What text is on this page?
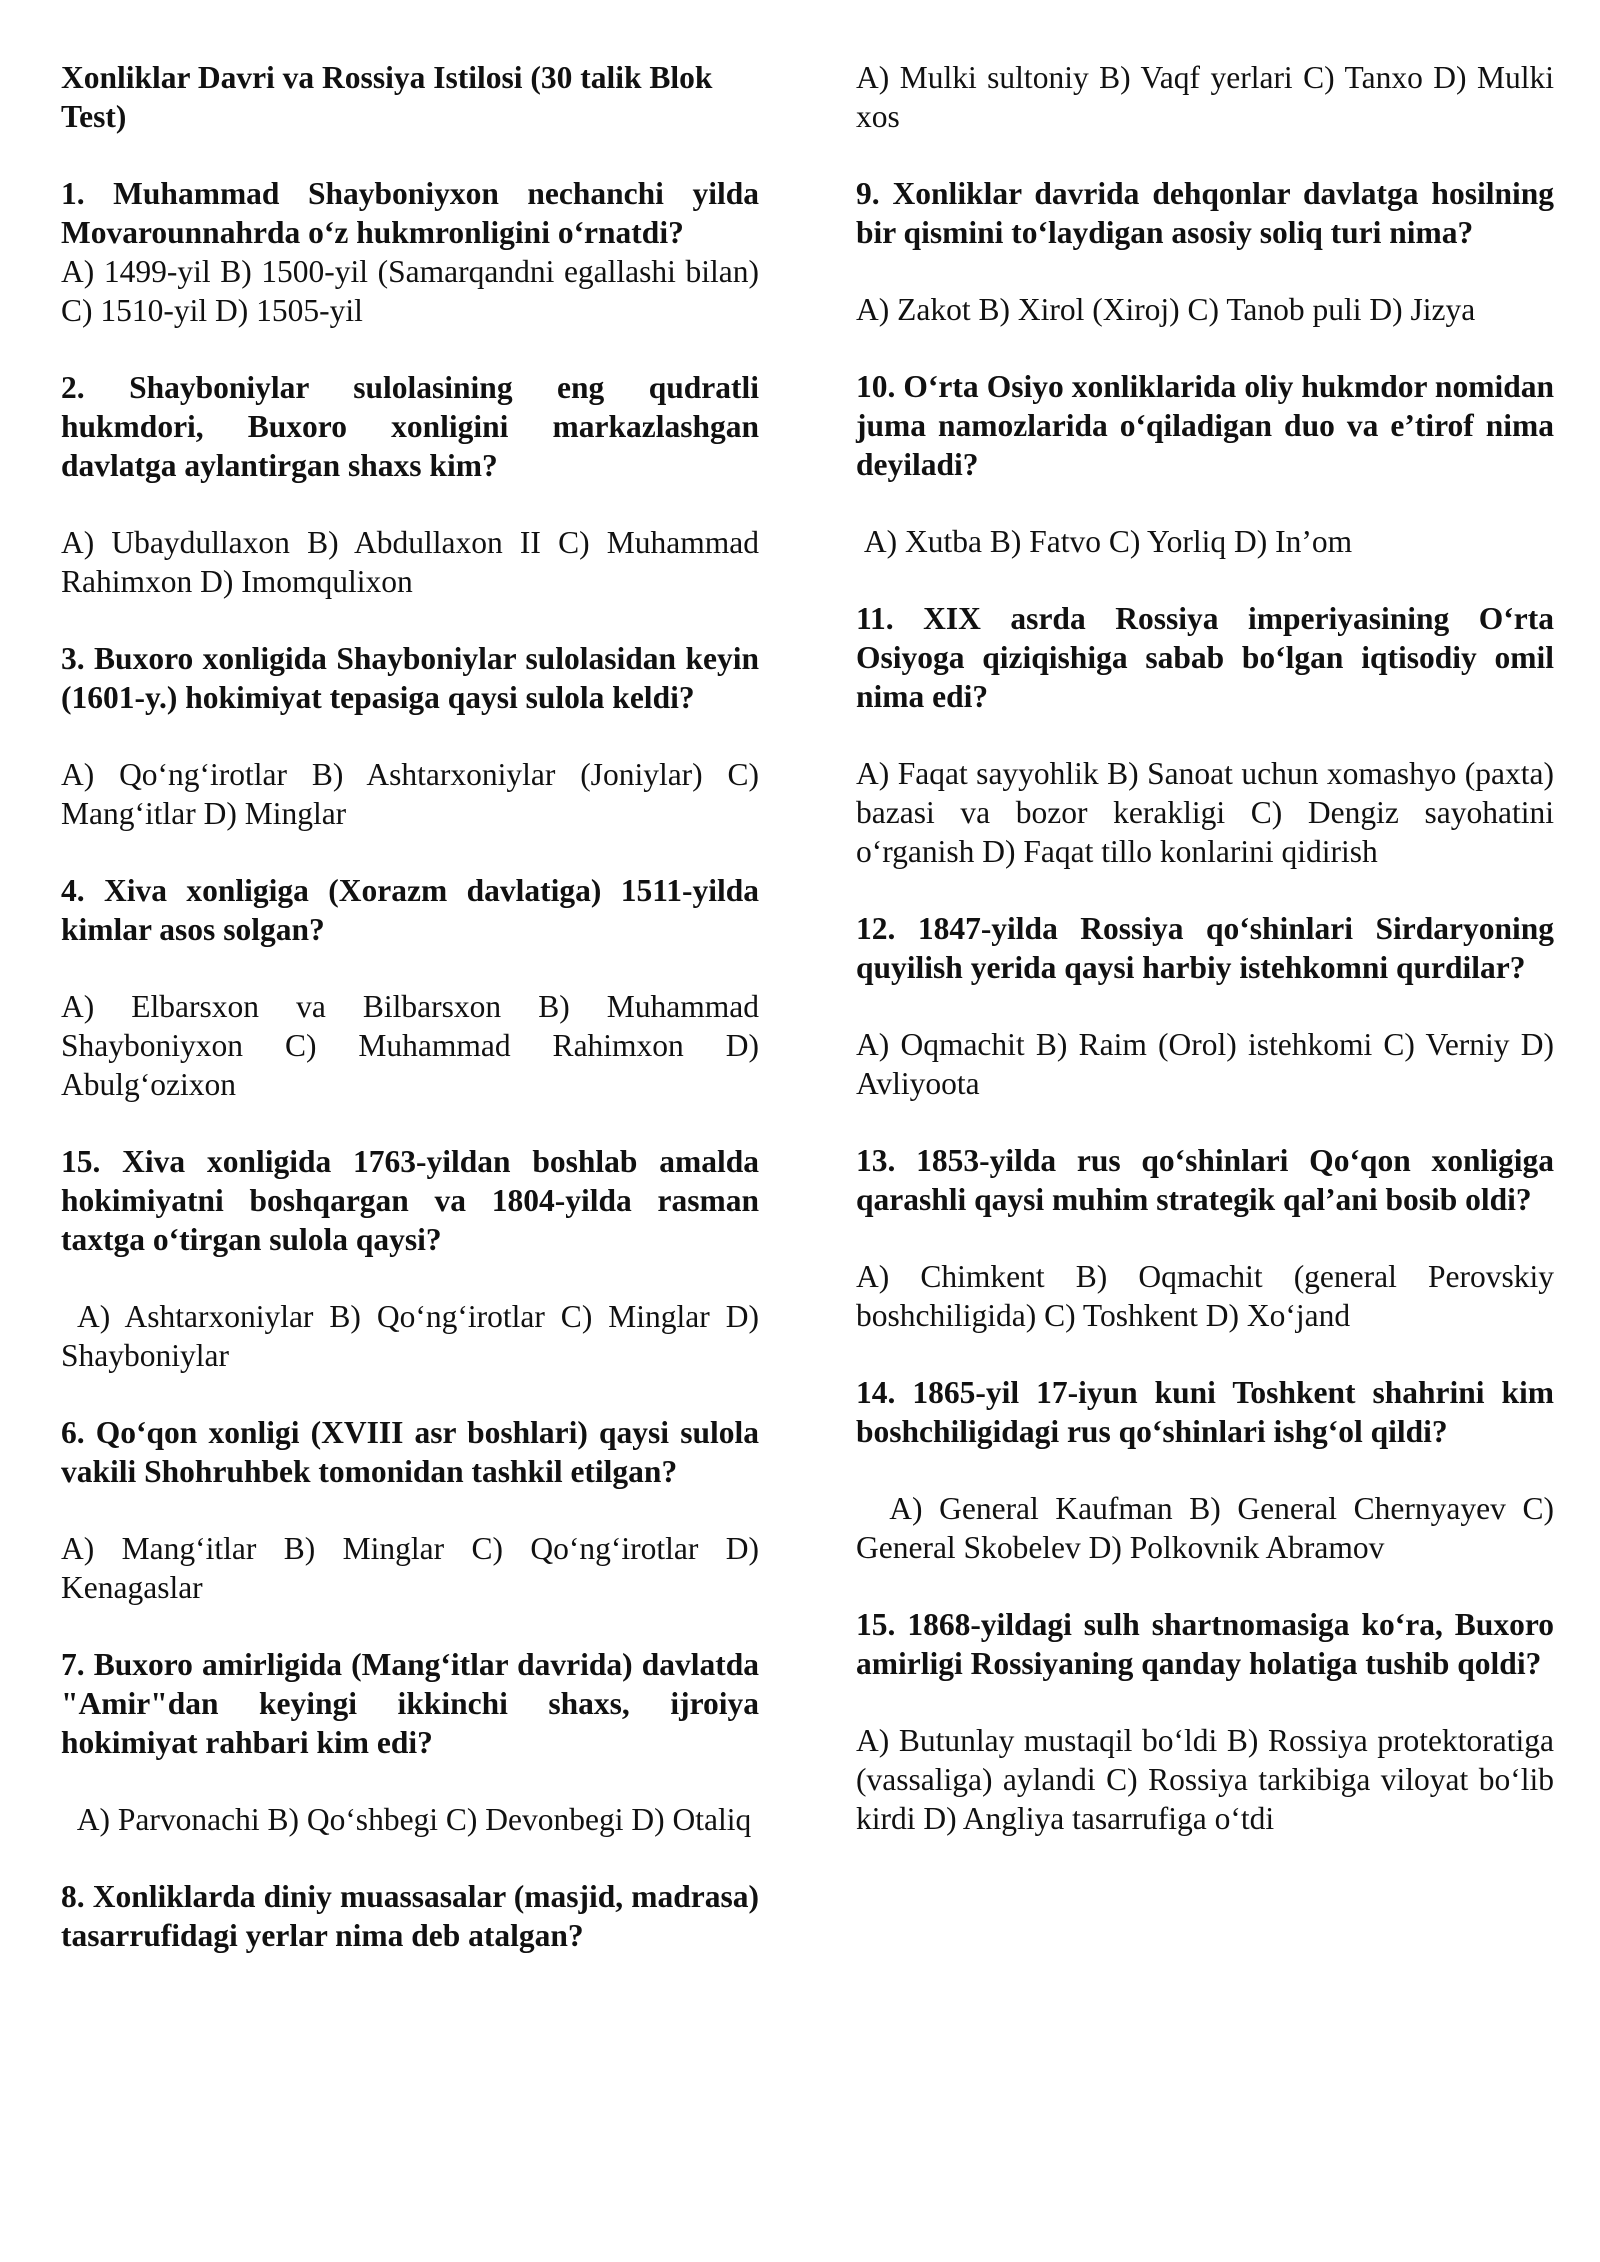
Xonliklar Davri va Rossiya Istilosi (30 talik Blok Test)
1. Muhammad Shayboniyxon nechanchi yilda Movarounnahrda o‘z hukmronligini o‘rnatdi?
A) 1499-yil B) 1500-yil (Samarqandni egallashi bilan) C) 1510-yil D) 1505-yil
2. Shayboniylar sulolasining eng qudratli hukmdori, Buxoro xonligini markazlashgan davlatga aylantirgan shaxs kim?
A) Ubaydullaxon B) Abdullaxon II C) Muhammad Rahimxon D) Imomqulixon
3. Buxoro xonligida Shayboniylar sulolasidan keyin (1601-y.) hokimiyat tepasiga qaysi sulola keldi?
A) Qo‘ng‘irotlar B) Ashtarxoniylar (Joniylar) C) Mang‘itlar D) Minglar
4. Xiva xonligiga (Xorazm davlatiga) 1511-yilda kimlar asos solgan?
A) Elbarsxon va Bilbarsxon B) Muhammad Shayboniyxon C) Muhammad Rahimxon D) Abulg‘ozixon
15. Xiva xonligida 1763-yildan boshlab amalda hokimiyatni boshqargan va 1804-yilda rasman taxtga o‘tirgan sulola qaysi?
A) Ashtarxoniylar B) Qo‘ng‘irotlar C) Minglar D) Shayboniylar
6. Qo‘qon xonligi (XVIII asr boshlari) qaysi sulola vakili Shohruhbek tomonidan tashkil etilgan?
A) Mang‘itlar B) Minglar C) Qo‘ng‘irotlar D) Kenagaslar
7. Buxoro amirligida (Mang‘itlar davrida) davlatda "Amir"dan keyingi ikkinchi shaxs, ijroiya hokimiyat rahbari kim edi?
A) Parvonachi B) Qo‘shbegi C) Devonbegi D) Otaliq
8. Xonliklarda diniy muassasalar (masjid, madrasa) tasarrufidagi yerlar nima deb atalgan?
A) Mulki sultoniy B) Vaqf yerlari C) Tanxo D) Mulki xos
9. Xonliklar davrida dehqonlar davlatga hosilning bir qismini to‘laydigan asosiy soliq turi nima?
A) Zakot B) Xirol (Xiroj) C) Tanob puli D) Jizya
10. O‘rta Osiyo xonliklarida oliy hukmdor nomidan juma namozlarida o‘qiladigan duo va e’tirof nima deyiladi?
A) Xutba B) Fatvo C) Yorliq D) In’om
11. XIX asrda Rossiya imperiyasining O‘rta Osiyoga qiziqishiga sabab bo‘lgan iqtisodiy omil nima edi?
A) Faqat sayyohlik B) Sanoat uchun xomashyo (paxta) bazasi va bozor kerakligi C) Dengiz sayohatini o‘rganish D) Faqat tillo konlarini qidirish
12. 1847-yilda Rossiya qo‘shinlari Sirdaryoning quyilish yerida qaysi harbiy istehkomni qurdilar?
A) Oqmachit B) Raim (Orol) istehkomi C) Verniy D) Avliyoota
13. 1853-yilda rus qo‘shinlari Qo‘qon xonligiga qarashli qaysi muhim strategik qal’ani bosib oldi?
A) Chimkent B) Oqmachit (general Perovskiy boshchiligida) C) Toshkent D) Xo‘jand
14. 1865-yil 17-iyun kuni Toshkent shahrini kim boshchiligidagi rus qo‘shinlari ishg‘ol qildi?
A) General Kaufman B) General Chernyayev C) General Skobelev D) Polkovnik Abramov
15. 1868-yildagi sulh shartnomasiga ko‘ra, Buxoro amirligi Rossiyaning qanday holatiga tushib qoldi?
A) Butunlay mustaqil bo‘ldi B) Rossiya protektoratiga (vassaliga) aylandi C) Rossiya tarkibiga viloyat bo‘lib kirdi D) Angliya tasarrufiga o‘tdi
